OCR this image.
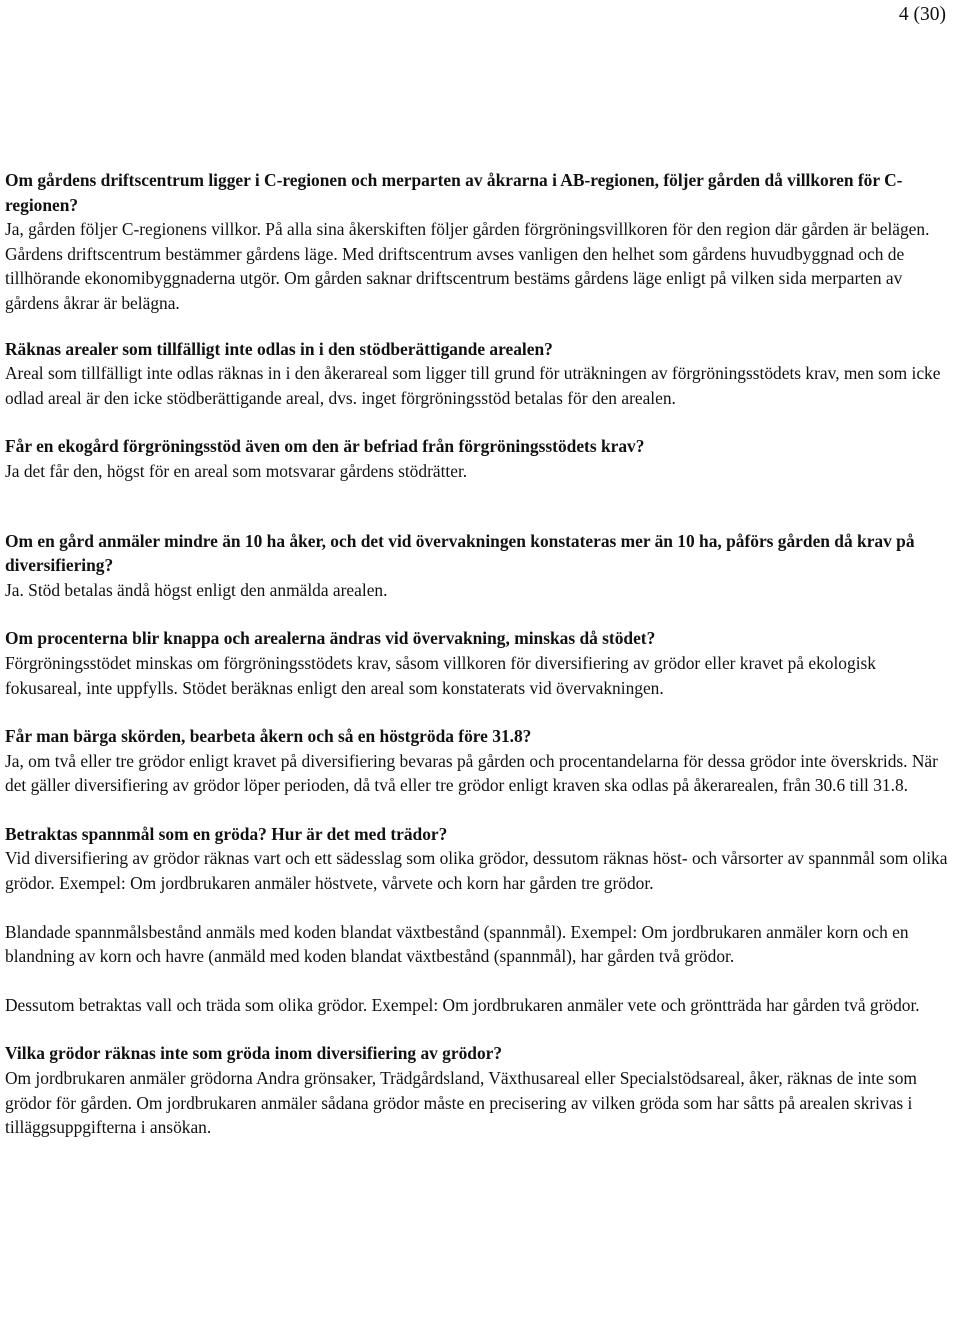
4 (30)

Om gårdens driftscentrum ligger i C-regionen och merparten av åkrarna i AB-regionen, följer gården då villkoren för C-regionen?

Ja, gården följer C-regionens villkor. På alla sina åkerskiften följer gården förgröningsvillkoren för den region där gården är belägen.

Gårdens driftscentrum bestämmer gårdens läge. Med driftscentrum avses vanligen den helhet som gårdens huvudbyggnad och de tillhörande ekonomibyggnaderna utgör. Om gården saknar driftscentrum bestäms gårdens läge enligt på vilken sida merparten av gårdens åkrar är belägna.

Räknas arealer som tillfälligt inte odlas in i den stödberättigande arealen?

Areal som tillfälligt inte odlas räknas in i den åkerareal som ligger till grund för uträkningen av förgröningsstödets krav, men som icke odlad areal är den icke stödberättigande areal, dvs. inget förgröningsstöd betalas för den arealen.

Får en ekogård förgröningsstöd även om den är befriad från förgröningsstödets krav?

Ja det får den, högst för en areal som motsvarar gårdens stödrätter.

Om en gård anmäler mindre än 10 ha åker, och det vid övervakningen konstateras mer än 10 ha, påförs gården då krav på diversifiering?

Ja. Stöd betalas ändå högst enligt den anmälda arealen.

Om procenterna blir knappa och arealerna ändras vid övervakning, minskas då stödet?

Förgröningsstödet minskas om förgröningsstödets krav, såsom villkoren för diversifiering av grödor eller kravet på ekologisk fokusareal, inte uppfylls. Stödet beräknas enligt den areal som konstaterats vid övervakningen.

Får man bärga skörden, bearbeta åkern och så en höstgröda före 31.8?

Ja, om två eller tre grödor enligt kravet på diversifiering bevaras på gården och procentandelarna för dessa grödor inte överskrids. När det gäller diversifiering av grödor löper perioden, då två eller tre grödor enligt kraven ska odlas på åkerarealen, från 30.6 till 31.8.

Betraktas spannmål som en gröda? Hur är det med trädor?

Vid diversifiering av grödor räknas vart och ett sädesslag som olika grödor, dessutom räknas höst- och vårsorter av spannmål som olika grödor. Exempel: Om jordbrukaren anmäler höstvete, vårvete och korn har gården tre grödor.

Blandade spannmålsbestånd anmäls med koden blandat växtbestånd (spannmål). Exempel: Om jordbrukaren anmäler korn och en blandning av korn och havre (anmäld med koden blandat växtbestånd (spannmål), har gården två grödor.

Dessutom betraktas vall och träda som olika grödor. Exempel: Om jordbrukaren anmäler vete och gröntträda har gården två grödor.

Vilka grödor räknas inte som gröda inom diversifiering av grödor?

Om jordbrukaren anmäler grödorna Andra grönsaker, Trädgårdsland, Växthusareal eller Specialstödsareal, åker, räknas de inte som grödor för gården. Om jordbrukaren anmäler sådana grödor måste en precisering av vilken gröda som har såtts på arealen skrivas i tilläggsuppgifterna i ansökan.
